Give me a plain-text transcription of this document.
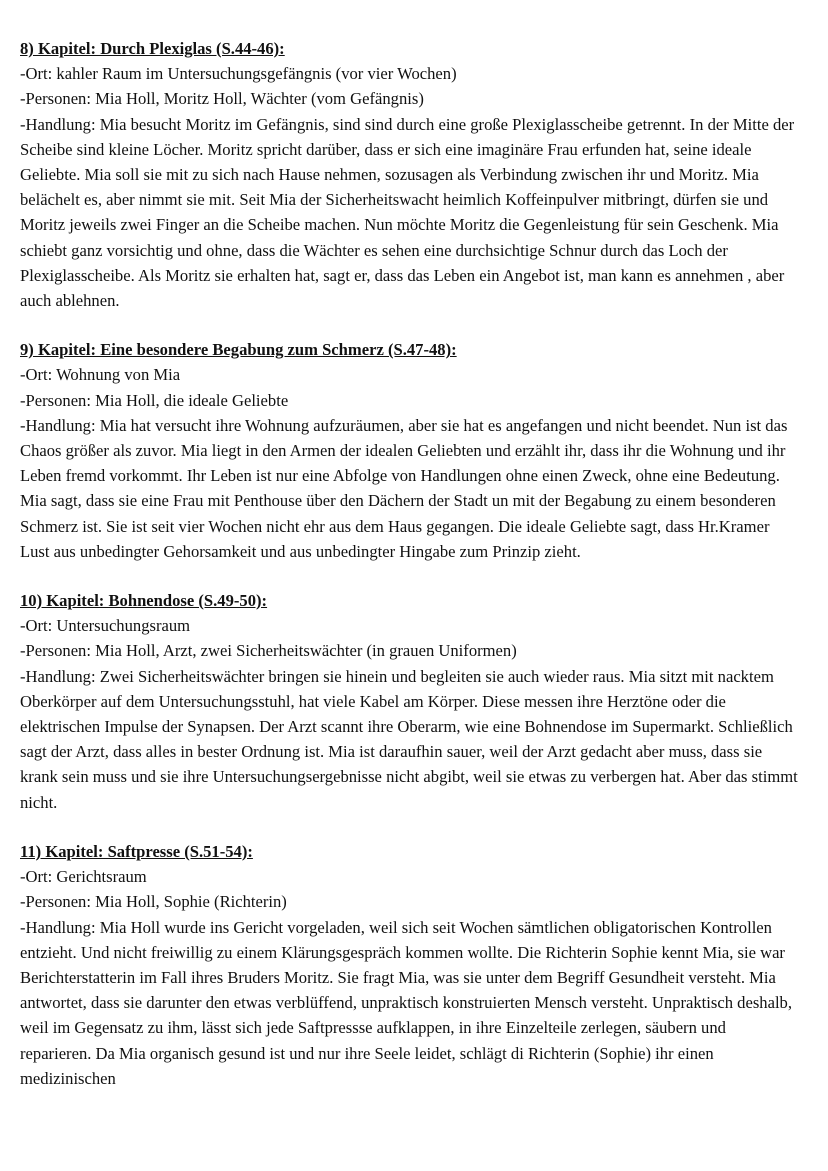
8) Kapitel: Durch Plexiglas (S.44-46):

-Ort: kahler Raum im Untersuchungsgefängnis (vor vier Wochen)

-Personen: Mia Holl, Moritz Holl, Wächter (vom Gefängnis)

-Handlung: Mia besucht Moritz im Gefängnis, sind sind durch eine große Plexiglasscheibe getrennt. In der Mitte der Scheibe sind kleine Löcher. Moritz spricht darüber, dass er sich eine imaginäre Frau erfunden hat, seine ideale Geliebte. Mia soll sie mit zu sich nach Hause nehmen, sozusagen als Verbindung zwischen ihr und Moritz. Mia belächelt es, aber nimmt sie mit. Seit Mia der Sicherheitswacht heimlich Koffeinpulver mitbringt, dürfen sie und Moritz jeweils zwei Finger an die Scheibe machen. Nun möchte Moritz die Gegenleistung für sein Geschenk. Mia schiebt ganz vorsichtig und ohne, dass die Wächter es sehen eine durchsichtige Schnur durch das Loch der Plexiglasscheibe. Als Moritz sie erhalten hat, sagt er, dass das Leben ein Angebot ist, man kann es annehmen , aber auch ablehnen.

9) Kapitel: Eine besondere Begabung zum Schmerz (S.47-48):

-Ort: Wohnung von Mia

-Personen: Mia Holl, die ideale Geliebte

-Handlung: Mia hat versucht ihre Wohnung aufzuräumen, aber sie hat es angefangen und nicht beendet. Nun ist das Chaos größer als zuvor. Mia liegt in den Armen der idealen Geliebten und erzählt ihr, dass ihr die Wohnung und ihr Leben fremd vorkommt. Ihr Leben ist nur eine Abfolge von Handlungen ohne einen Zweck, ohne eine Bedeutung. Mia sagt, dass sie eine Frau mit Penthouse über den Dächern der Stadt un mit der Begabung zu einem besonderen Schmerz ist. Sie ist seit vier Wochen nicht ehr aus dem Haus gegangen. Die ideale Geliebte sagt, dass Hr.Kramer Lust aus unbedingter Gehorsamkeit und aus unbedingter Hingabe zum Prinzip zieht.

10) Kapitel: Bohnendose (S.49-50):

-Ort: Untersuchungsraum

-Personen: Mia Holl, Arzt, zwei Sicherheitswächter (in grauen Uniformen)

-Handlung: Zwei Sicherheitswächter bringen sie hinein und begleiten sie auch wieder raus. Mia sitzt mit nacktem Oberkörper auf dem Untersuchungsstuhl, hat viele Kabel am Körper. Diese messen ihre Herztöne oder die elektrischen Impulse der Synapsen. Der Arzt scannt ihre Oberarm, wie eine Bohnendose im Supermarkt. Schließlich sagt der Arzt, dass alles in bester Ordnung ist. Mia ist daraufhin sauer, weil der Arzt gedacht aber muss, dass sie krank sein muss und sie ihre Untersuchungsergebnisse nicht abgibt, weil sie etwas zu verbergen hat. Aber das stimmt nicht.

11) Kapitel: Saftpresse (S.51-54):

-Ort: Gerichtsraum

-Personen: Mia Holl, Sophie (Richterin)

-Handlung: Mia Holl wurde ins Gericht vorgeladen, weil sich seit Wochen sämtlichen obligatorischen Kontrollen entzieht. Und nicht freiwillig zu einem Klärungsgespräch kommen wollte. Die Richterin Sophie kennt Mia, sie war Berichterstatterin im Fall ihres Bruders Moritz. Sie fragt Mia, was sie unter dem Begriff Gesundheit versteht. Mia antwortet, dass sie darunter den etwas verblüffend, unpraktisch konstruierten Mensch versteht. Unpraktisch deshalb, weil im Gegensatz zu ihm, lässt sich jede Saftpressse aufklappen, in ihre Einzelteile zerlegen, säubern und reparieren. Da Mia organisch gesund ist und nur ihre Seele leidet, schlägt di Richterin (Sophie) ihr einen medizinischen
